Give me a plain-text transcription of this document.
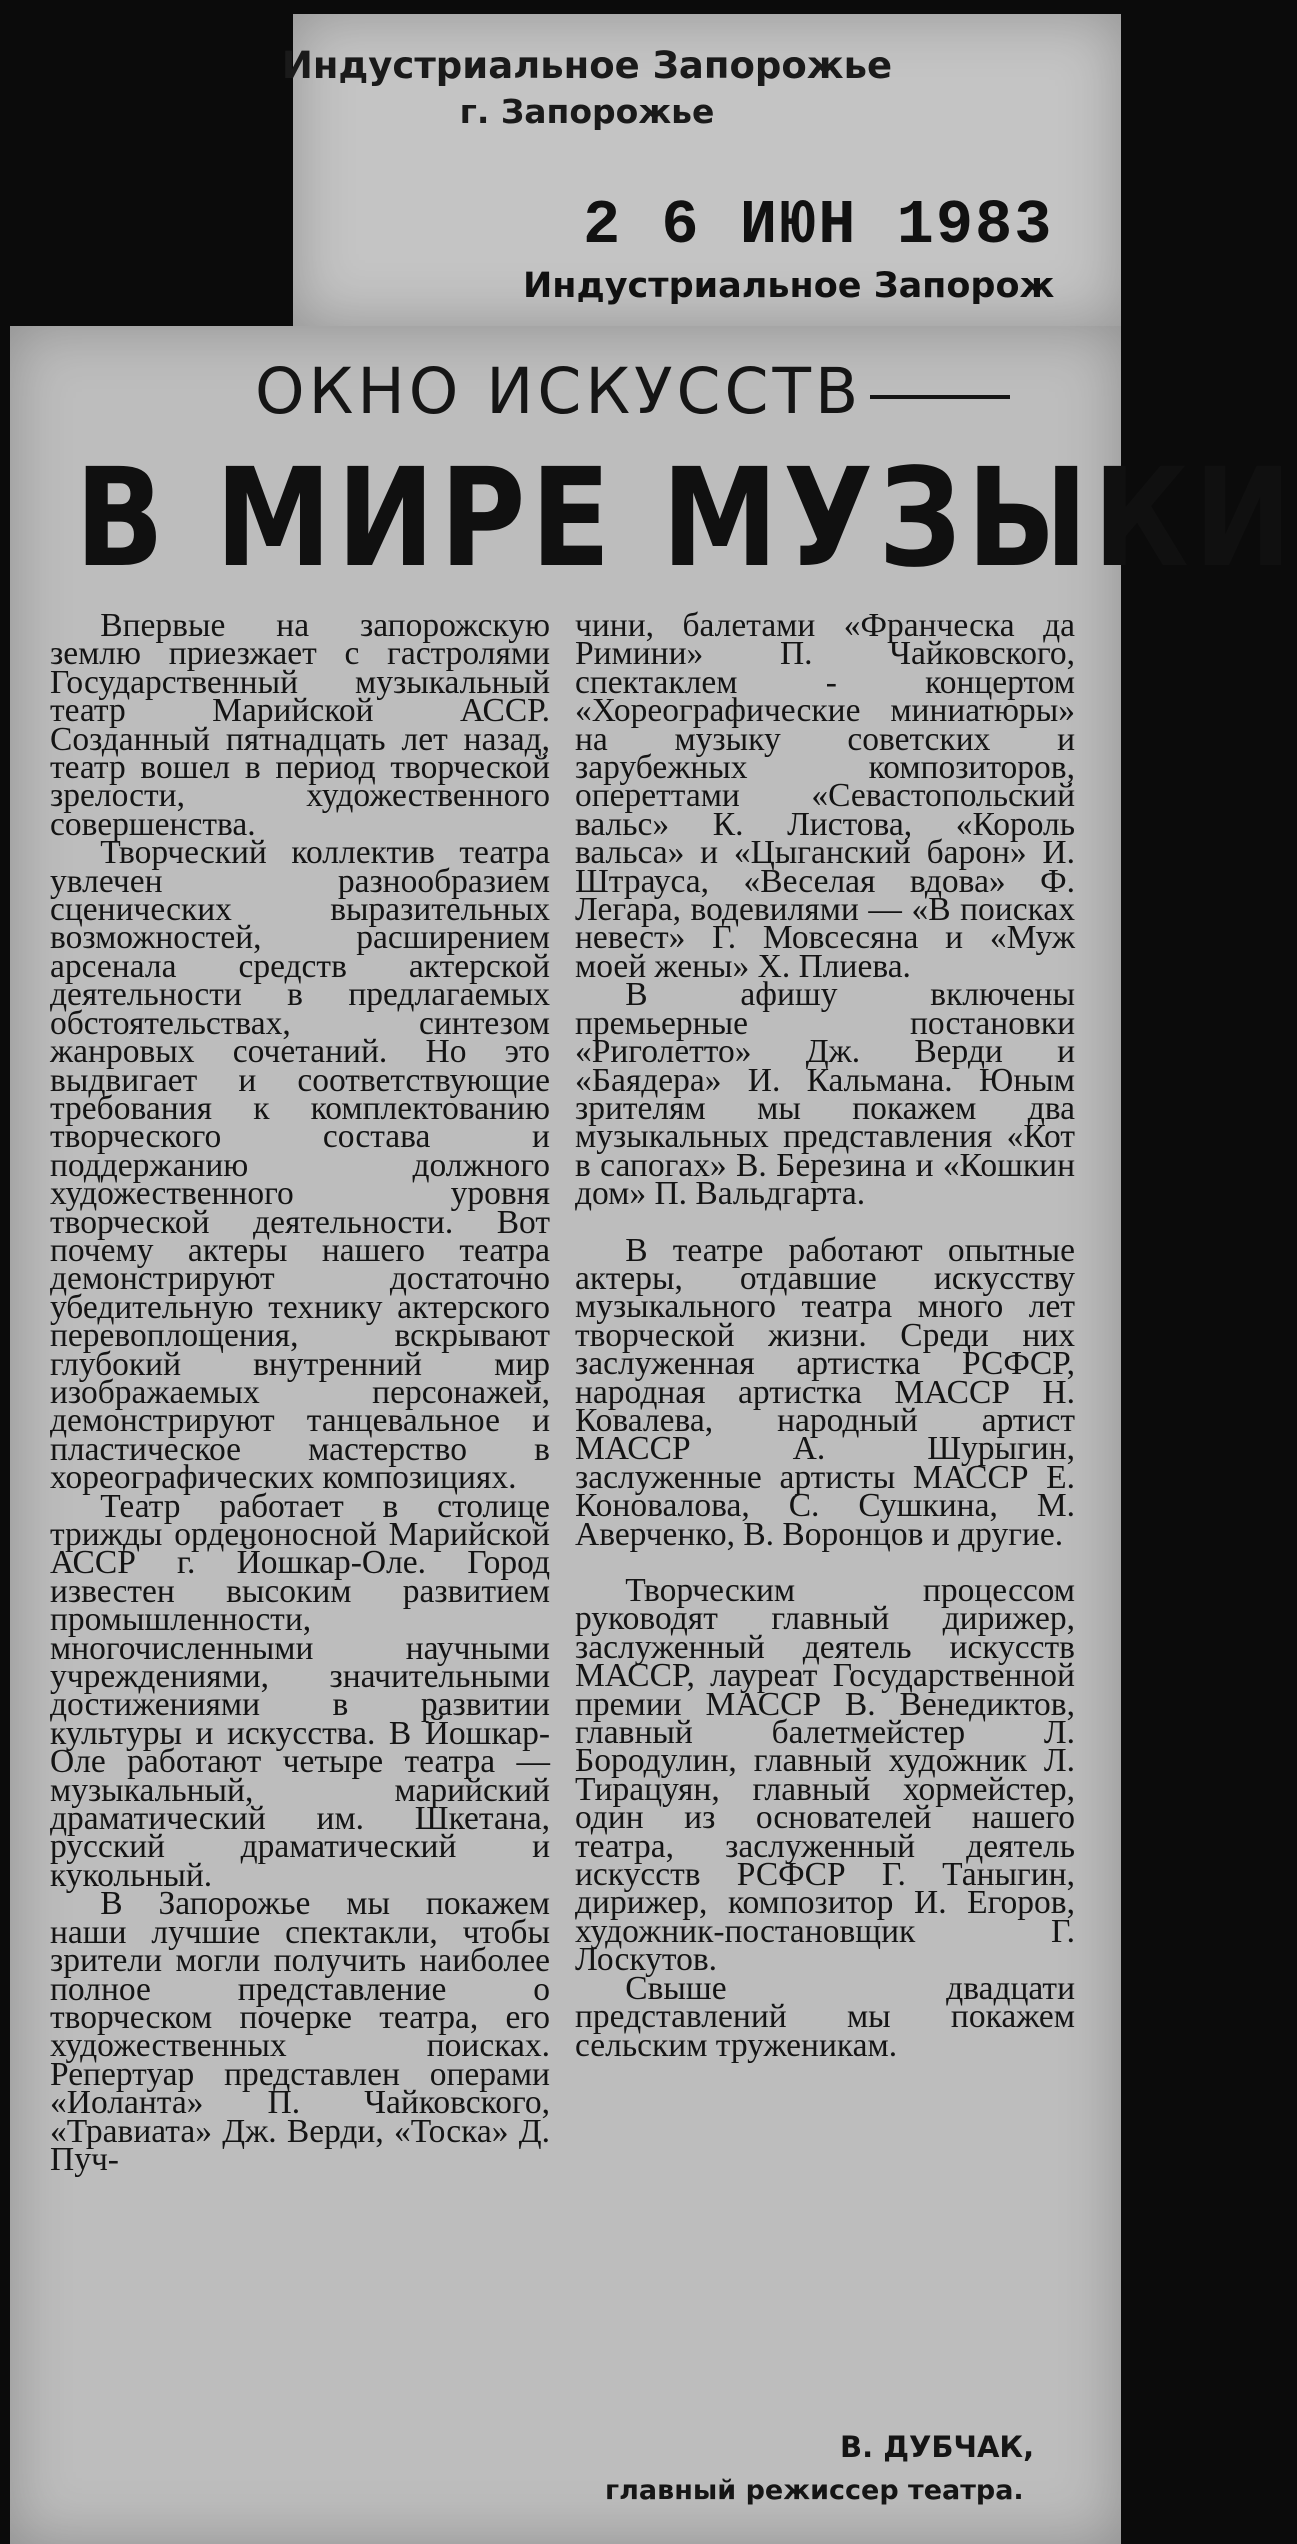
Индустриальное Запорожье
г. Запорожье
2 6 ИЮН 1983
Индустриальное Запорож
ОКНО ИСКУССТВ
В МИРЕ МУЗЫКИ

Впервые на запорожскую землю приезжает с гастролями Государственный музыкальный театр Марийской АССР. Созданный пятнадцать лет назад, театр вошел в период творческой зрелости, художественного совершенства.

Творческий коллектив театра увлечен разнообразием сценических выразительных возможностей, расширением арсенала средств актерской деятельности в предлагаемых обстоятельствах, синтезом жанровых сочетаний. Но это выдвигает и соответствующие требования к комплектованию творческого состава и поддержанию должного художественного уровня творческой деятельности. Вот почему актеры нашего театра демонстрируют достаточно убедительную технику актерского перевоплощения, вскрывают глубокий внутренний мир изображаемых персонажей, демонстрируют танцевальное и пластическое мастерство в хореографических композициях.

Театр работает в столице трижды орденоносной Марийской АССР г. Йошкар-Оле. Город известен высоким развитием промышленности, многочисленными научными учреждениями, значительными достижениями в развитии культуры и искусства. В Йошкар-Оле работают четыре театра — музыкальный, марийский драматический им. Шкетана, русский драматический и кукольный.

В Запорожье мы покажем наши лучшие спектакли, чтобы зрители могли получить наиболее полное представление о творческом почерке театра, его художественных поисках. Репертуар представлен операми «Иоланта» П. Чайковского, «Травиата» Дж. Верди, «Тоска» Д. Пуч-

чини, балетами «Франческа да Римини» П. Чайковского, спектаклем - концертом «Хореографические миниатюры» на музыку советских и зарубежных композиторов, опереттами «Севастопольский вальс» К. Листова, «Король вальса» и «Цыганский барон» И. Штрауса, «Веселая вдова» Ф. Легара, водевилями — «В поисках невест» Г. Мовсесяна и «Муж моей жены» Х. Плиева.

В афишу включены премьерные постановки «Риголетто» Дж. Верди и «Баядера» И. Кальмана. Юным зрителям мы покажем два музыкальных представления «Кот в сапогах» В. Березина и «Кошкин дом» П. Вальдгарта.

В театре работают опытные актеры, отдавшие искусству музыкального театра много лет творческой жизни. Среди них заслуженная артистка РСФСР, народная артистка МАССР Н. Ковалева, народный артист МАССР А. Шурыгин, заслуженные артисты МАССР Е. Коновалова, С. Сушкина, М. Аверченко, В. Воронцов и другие.

Творческим процессом руководят главный дирижер, заслуженный деятель искусств МАССР, лауреат Государственной премии МАССР В. Венедиктов, главный балетмейстер Л. Бородулин, главный художник Л. Тирацуян, главный хормейстер, один из основателей нашего театра, заслуженный деятель искусств РСФСР Г. Таныгин, дирижер, композитор И. Егоров, художник-постановщик Г. Лоскутов.

Свыше двадцати представлений мы покажем сельским труженикам.

В. ДУБЧАК,
главный режиссер театра.
